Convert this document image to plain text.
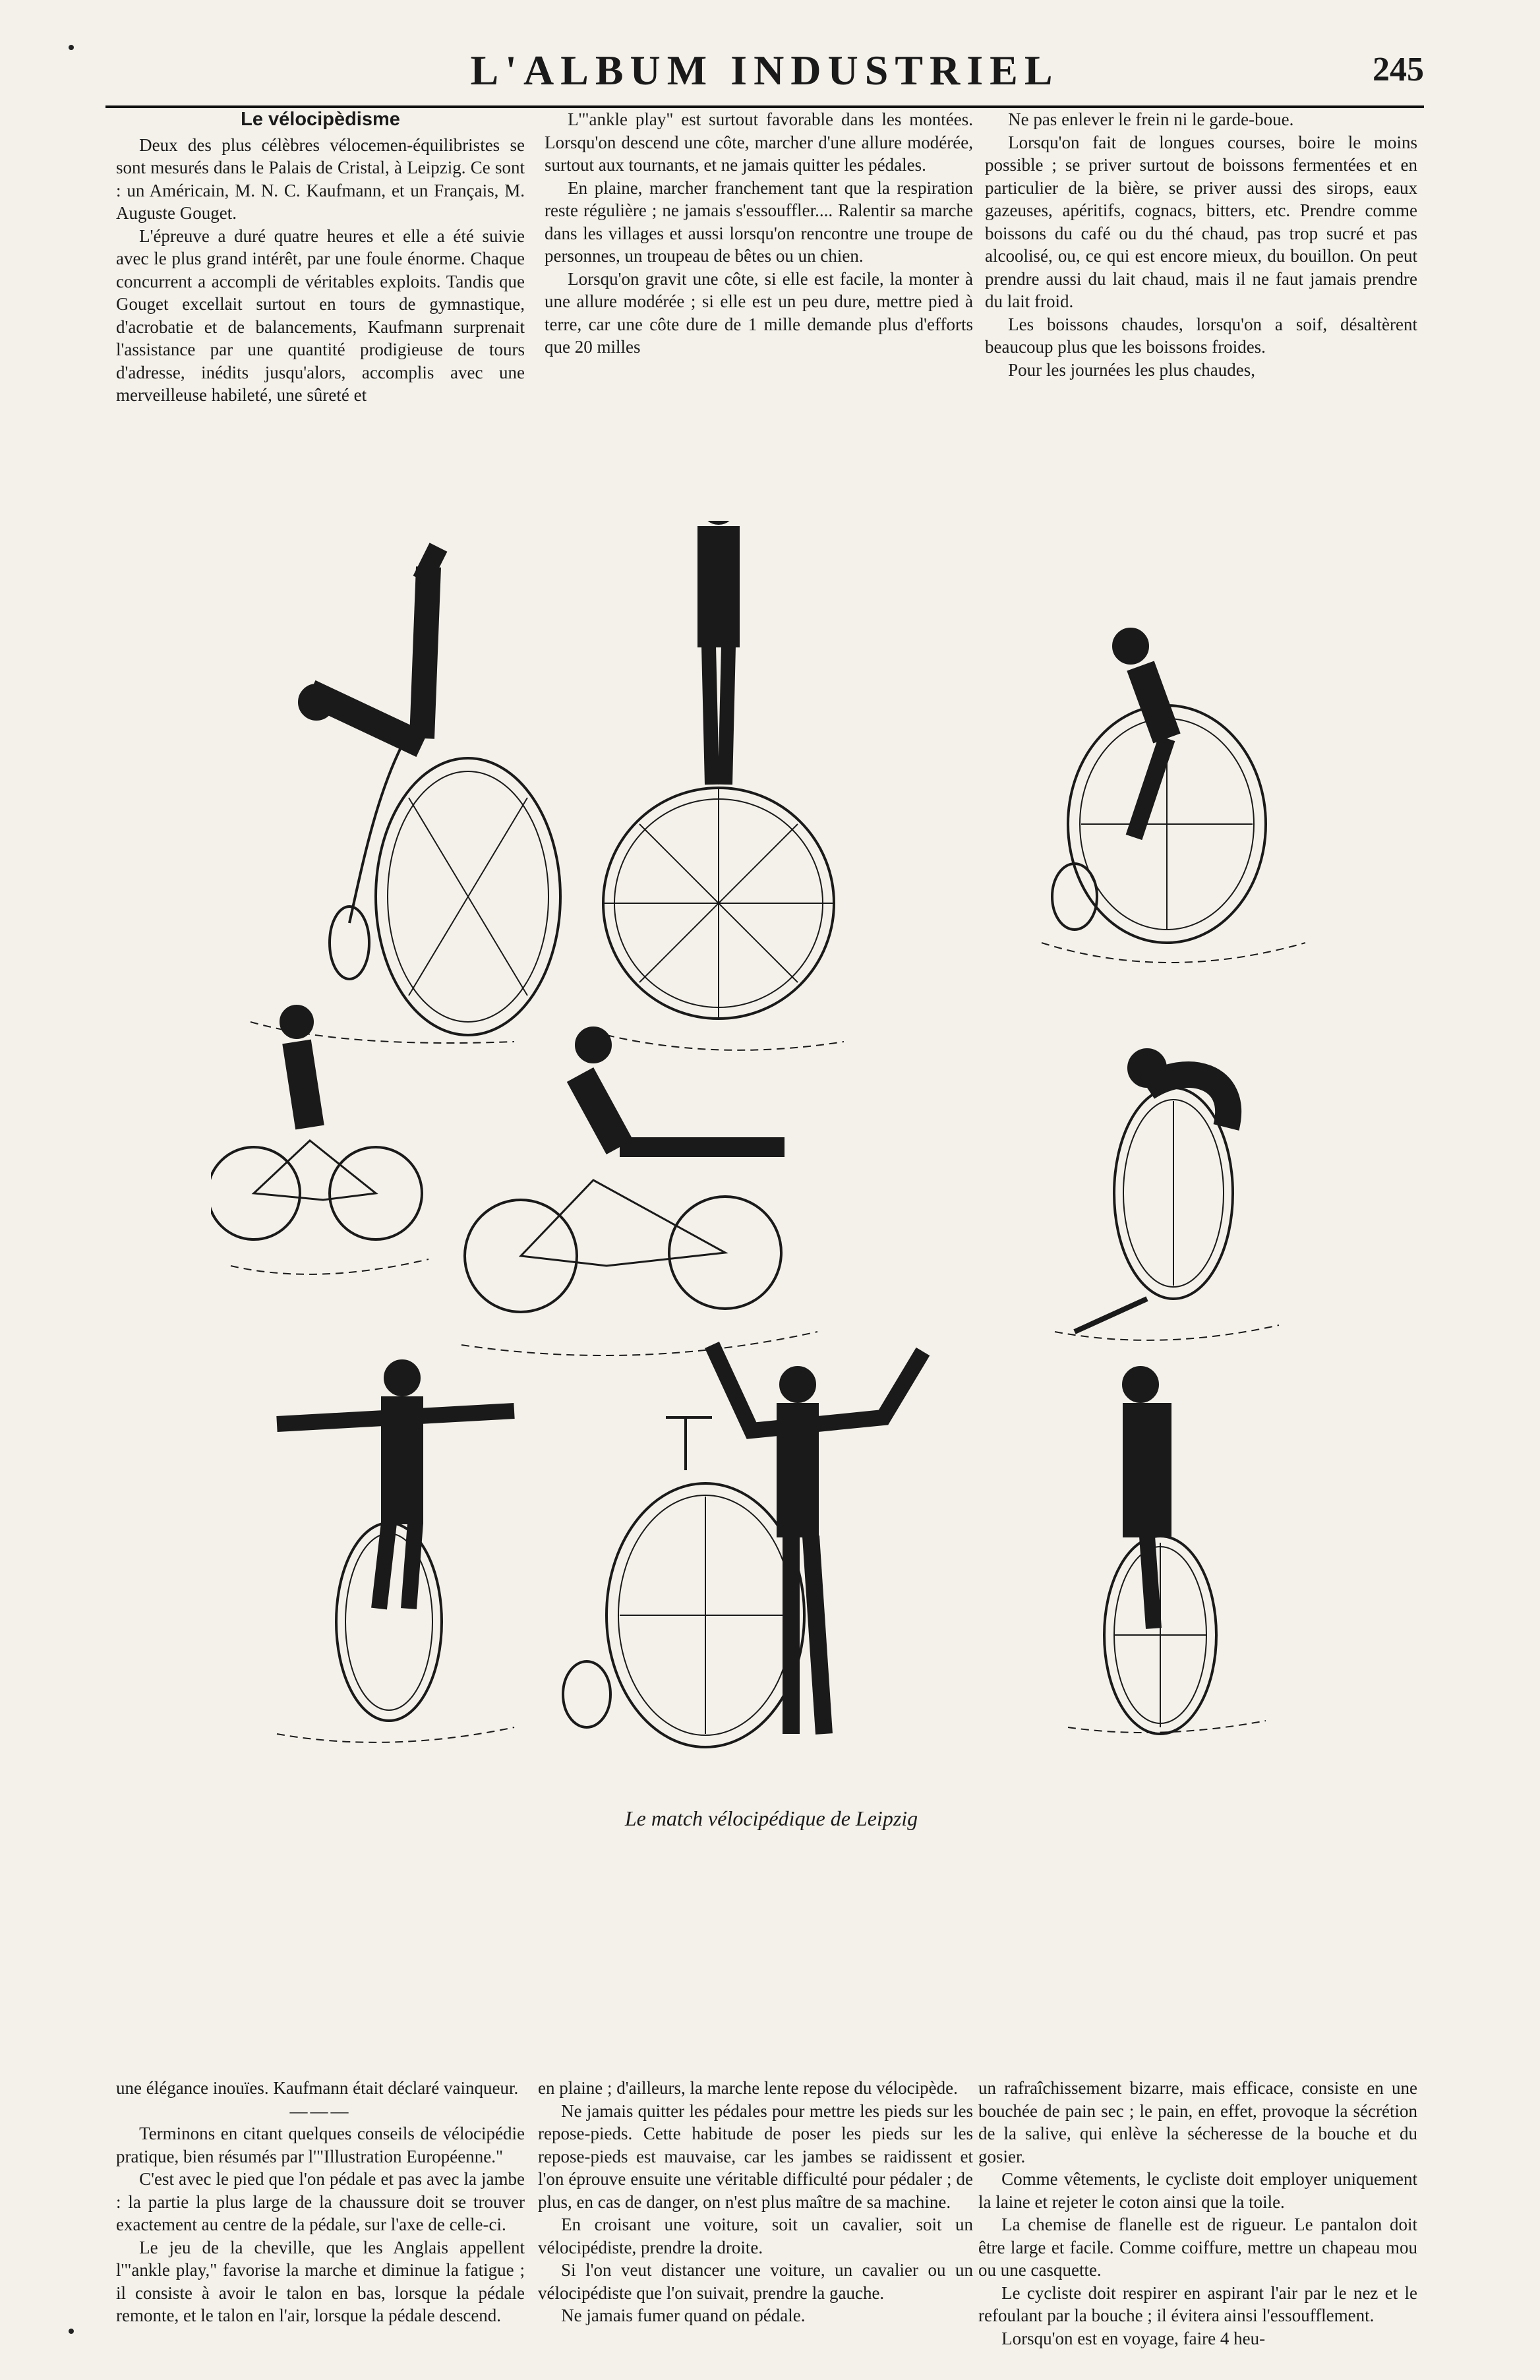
L'ALBUM INDUSTRIEL	245
Le vélocipèdisme

Deux des plus célèbres vélocemen-équilibristes se sont mesurés dans le Palais de Cristal, à Leipzig. Ce sont : un Américain, M. N. C. Kaufmann, et un Français, M. Auguste Gouget.

L'épreuve a duré quatre heures et elle a été suivie avec le plus grand intérêt, par une foule énorme. Chaque concurrent a accompli de véritables exploits. Tandis que Gouget excellait surtout en tours de gymnastique, d'acrobatie et de balancements, Kaufmann surprenait l'assistance par une quantité prodigieuse de tours d'adresse, inédits jusqu'alors, accomplis avec une merveilleuse habileté, une sûreté et

L'"ankle play" est surtout favorable dans les montées. Lorsqu'on descend une côte, marcher d'une allure modérée, surtout aux tournants, et ne jamais quitter les pédales.

En plaine, marcher franchement tant que la respiration reste régulière ; ne jamais s'essouffler.... Ralentir sa marche dans les villages et aussi lorsqu'on rencontre une troupe de personnes, un troupeau de bêtes ou un chien.

Lorsqu'on gravit une côte, si elle est facile, la monter à une allure modérée ; si elle est un peu dure, mettre pied à terre, car une côte dure de 1 mille demande plus d'efforts que 20 milles

Ne pas enlever le frein ni le garde-boue.

Lorsqu'on fait de longues courses, boire le moins possible ; se priver surtout de boissons fermentées et en particulier de la bière, se priver aussi des sirops, eaux gazeuses, apéritifs, cognacs, bitters, etc. Prendre comme boissons du café ou du thé chaud, pas trop sucré et pas alcoolisé, ou, ce qui est encore mieux, du bouillon. On peut prendre aussi du lait chaud, mais il ne faut jamais prendre du lait froid.

Les boissons chaudes, lorsqu'on a soif, désaltèrent beaucoup plus que les boissons froides.

Pour les journées les plus chaudes,

Le match vélocipédique de Leipzig

une élégance inouïes. Kaufmann était déclaré vainqueur.

———

Terminons en citant quelques conseils de vélocipédie pratique, bien résumés par l'"Illustration Européenne."

C'est avec le pied que l'on pédale et pas avec la jambe : la partie la plus large de la chaussure doit se trouver exactement au centre de la pédale, sur l'axe de celle-ci.

Le jeu de la cheville, que les Anglais appellent l'"ankle play," favorise la marche et diminue la fatigue ; il consiste à avoir le talon en bas, lorsque la pédale remonte, et le talon en l'air, lorsque la pédale descend.

en plaine ; d'ailleurs, la marche lente repose du vélocipède.

Ne jamais quitter les pédales pour mettre les pieds sur les repose-pieds. Cette habitude de poser les pieds sur les repose-pieds est mauvaise, car les jambes se raidissent et l'on éprouve ensuite une véritable difficulté pour pédaler ; de plus, en cas de danger, on n'est plus maître de sa machine.

En croisant une voiture, soit un cavalier, soit un vélocipédiste, prendre la droite.

Si l'on veut distancer une voiture, un cavalier ou un vélocipédiste que l'on suivait, prendre la gauche.

Ne jamais fumer quand on pédale.

un rafraîchissement bizarre, mais efficace, consiste en une bouchée de pain sec ; le pain, en effet, provoque la sécrétion de la salive, qui enlève la sécheresse de la bouche et du gosier.

Comme vêtements, le cycliste doit employer uniquement la laine et rejeter le coton ainsi que la toile.

La chemise de flanelle est de rigueur. Le pantalon doit être large et facile. Comme coiffure, mettre un chapeau mou ou une casquette.

Le cycliste doit respirer en aspirant l'air par le nez et le refoulant par la bouche ; il évitera ainsi l'essoufflement.

Lorsqu'on est en voyage, faire 4 heu-
